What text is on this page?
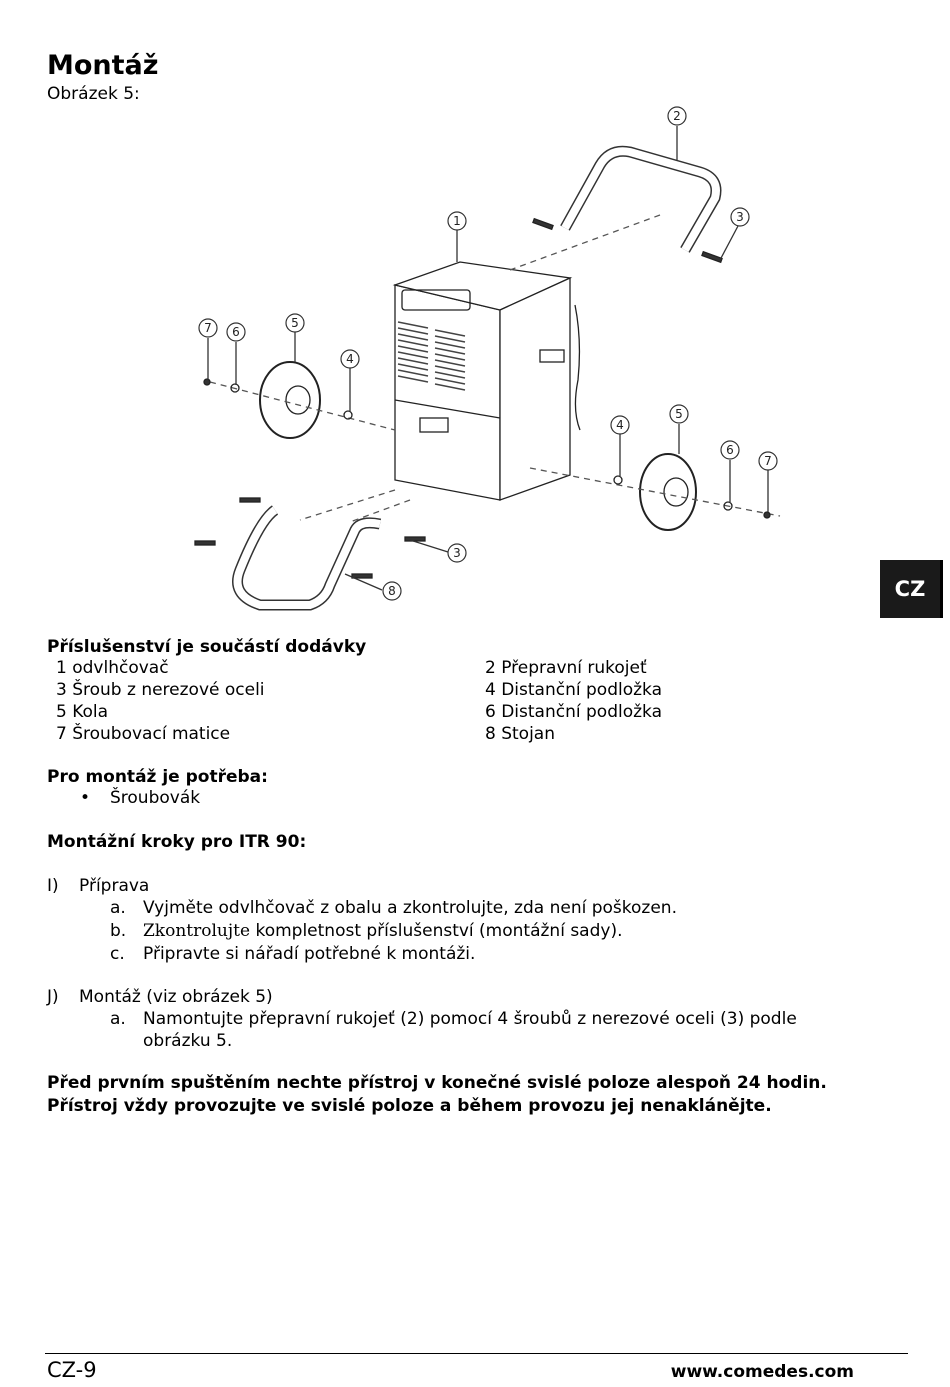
Montáž
Obrázek 5:
1
2
3
3
4
4
5
5
6
6
7
7
8	CZ
Příslušenství je součástí dodávky
1 odvlhčovač	2 Přepravní rukojeť
3 Šroub z nerezové oceli	4 Distanční podložka
5 Kola	6 Distanční podložka
7 Šroubovací matice	8 Stojan
Pro montáž je potřeba:
• Šroubovák
Montážní kroky pro ITR 90:
I) Příprava
a. Vyjměte odvlhčovač z obalu a zkontrolujte, zda není poškozen.
b. Zkontrolujte kompletnost příslušenství (montážní sady).
c. Připravte si nářadí potřebné k montáži.
J) Montáž (viz obrázek 5)
a. Namontujte přepravní rukojeť (2) pomocí 4 šroubů z nerezové oceli (3) podle obrázku 5.
Před prvním spuštěním nechte přístroj v konečné svislé poloze alespoň 24 hodin.
Přístroj vždy provozujte ve svislé poloze a během provozu jej nenaklánějte.
CZ-9	www.comedes.com
